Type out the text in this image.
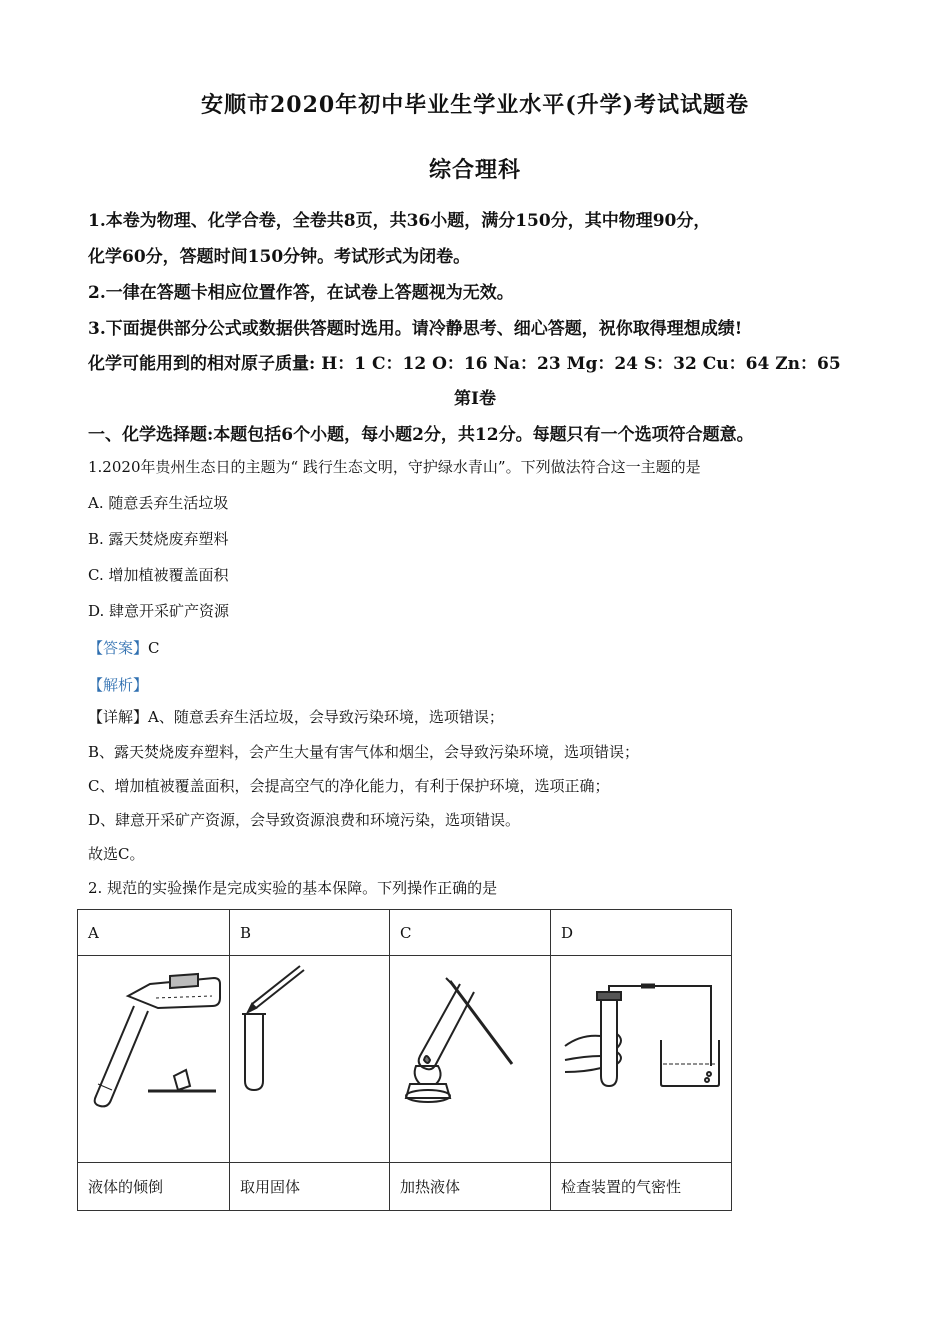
安顺市2020年初中毕业生学业水平(升学)考试试题卷
综合理科
1.本卷为物理、化学合卷，全卷共8页，共36小题，满分150分，其中物理90分，
化学60分，答题时间150分钟。考试形式为闭卷。
2.一律在答题卡相应位置作答，在试卷上答题视为无效。
3.下面提供部分公式或数据供答题时选用。请冷静思考、细心答题，祝你取得理想成绩!
化学可能用到的相对原子质量: H：1 C：12 O：16 Na：23 Mg：24 S：32 Cu：64 Zn：65
第I卷
一、化学选择题:本题包括6个小题，每小题2分，共12分。每题只有一个选项符合题意。
1.2020年贵州生态日的主题为“ 践行生态文明，守护绿水青山”。下列做法符合这一主题的是
A. 随意丢弃生活垃圾
B. 露天焚烧废弃塑料
C. 增加植被覆盖面积
D. 肆意开采矿产资源
【答案】C
【解析】
【详解】A、随意丢弃生活垃圾，会导致污染环境，选项错误；
B、露天焚烧废弃塑料，会产生大量有害气体和烟尘，会导致污染环境，选项错误；
C、增加植被覆盖面积，会提高空气的净化能力，有利于保护环境，选项正确；
D、肆意开采矿产资源，会导致资源浪费和环境污染，选项错误。
故选C。
2. 规范的实验操作是完成实验的基本保障。下列操作正确的是
A	B	C	D

液体的倾倒	取用固体	加热液体	检查装置的气密性
